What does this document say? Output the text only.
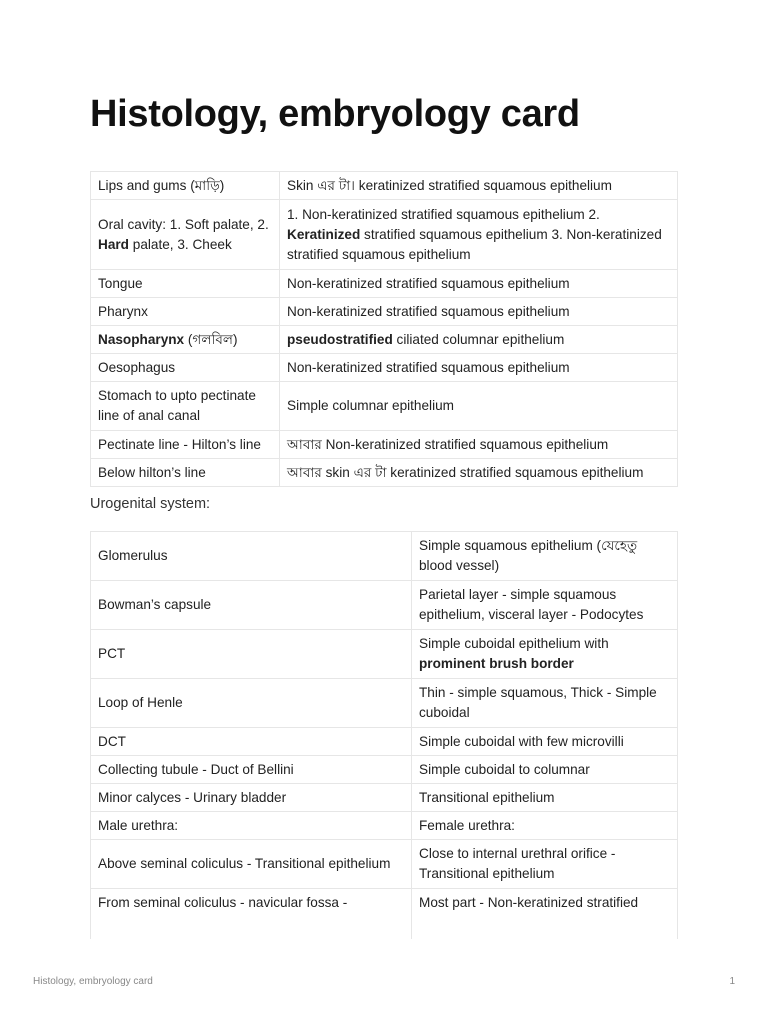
Histology, embryology card
Lips and gums (মাড়ি)	Skin এর টা। keratinized stratified squamous epithelium
Oral cavity: 1. Soft palate, 2. Hard palate, 3. Cheek	1. Non-keratinized stratified squamous epithelium 2. Keratinized stratified squamous epithelium 3. Non-keratinized stratified squamous epithelium
Tongue	Non-keratinized stratified squamous epithelium
Pharynx	Non-keratinized stratified squamous epithelium
Nasopharynx (গলবিল)	pseudostratified ciliated columnar epithelium
Oesophagus	Non-keratinized stratified squamous epithelium
Stomach to upto pectinate line of anal canal	Simple columnar epithelium
Pectinate line - Hilton’s line	আবার Non-keratinized stratified squamous epithelium
Below hilton’s line	আবার skin এর টা keratinized stratified squamous epithelium
Urogenital system:
Glomerulus	Simple squamous epithelium (যেহেতু blood vessel)
Bowman’s capsule	Parietal layer - simple squamous epithelium, visceral layer - Podocytes
PCT	Simple cuboidal epithelium with prominent brush border
Loop of Henle	Thin - simple squamous, Thick - Simple cuboidal
DCT	Simple cuboidal with few microvilli
Collecting tubule - Duct of Bellini	Simple cuboidal to columnar
Minor calyces - Urinary bladder	Transitional epithelium
Male urethra:	Female urethra:
Above seminal coliculus - Transitional epithelium	Close to internal urethral orifice - Transitional epithelium
From seminal coliculus - navicular fossa -	Most part - Non-keratinized stratified
Histology, embryology card	1
